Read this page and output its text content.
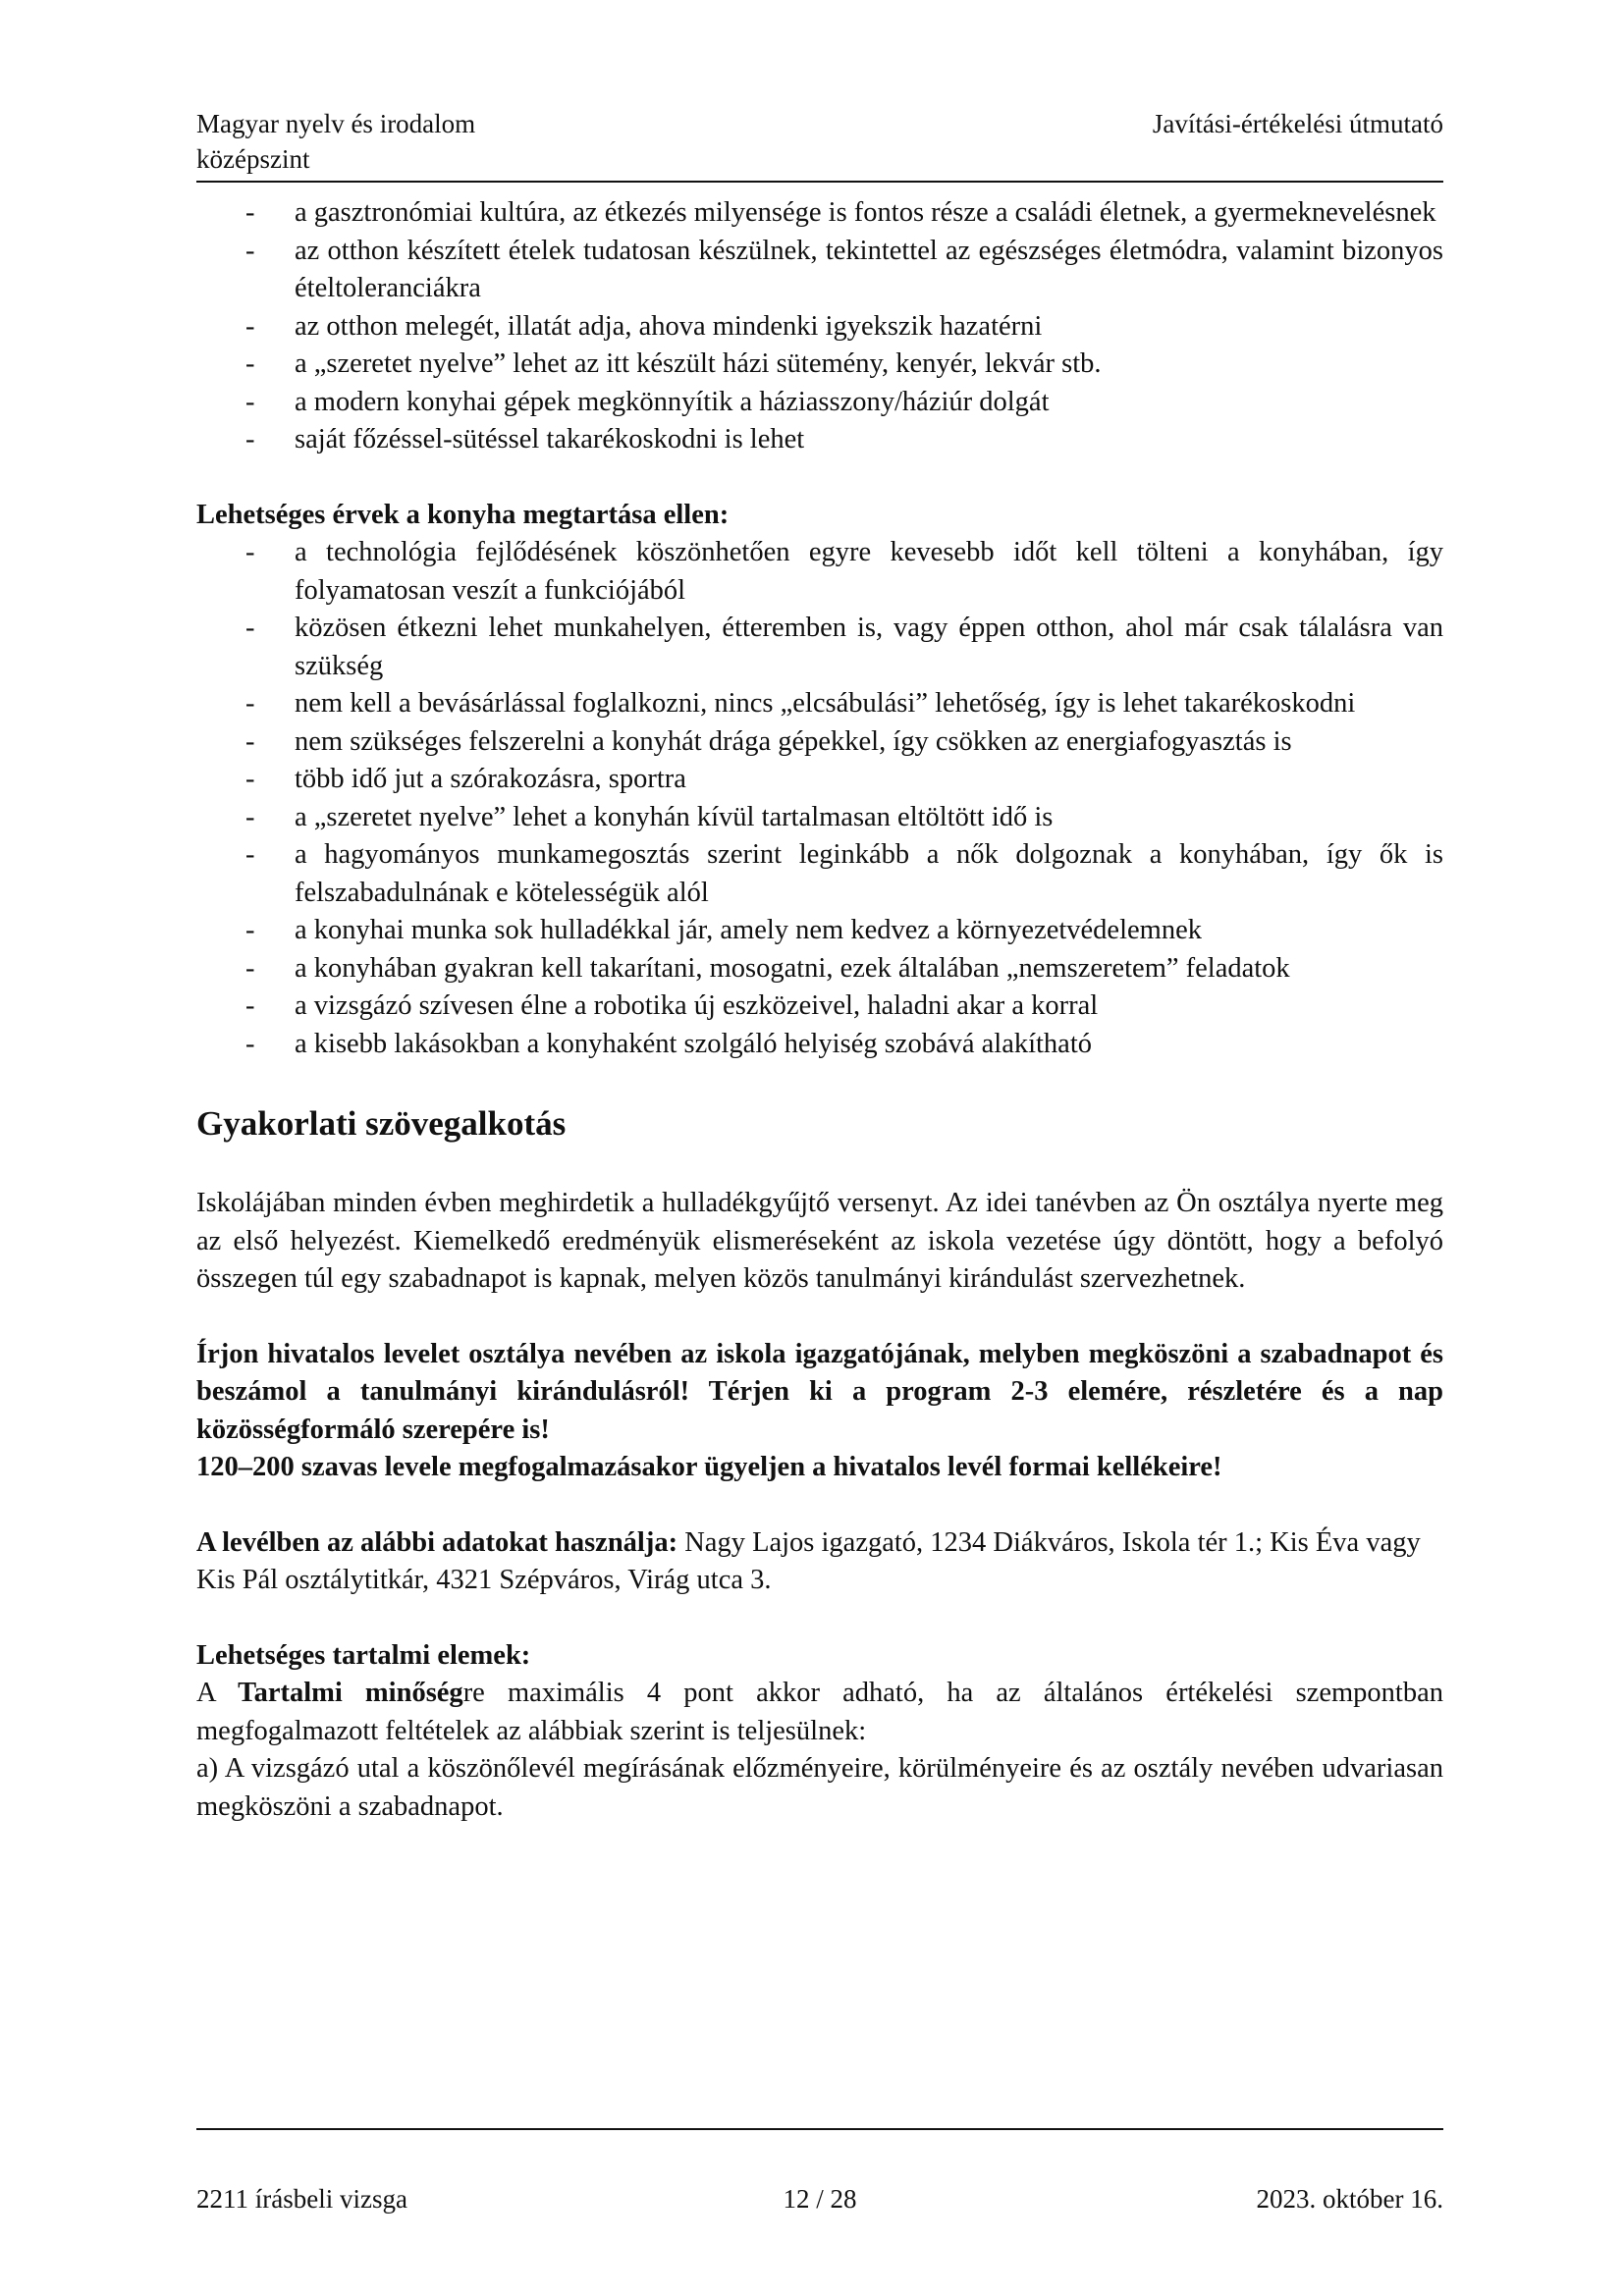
Magyar nyelv és irodalom
középszint
Javítási-értékelési útmutató
- a gasztronómiai kultúra, az étkezés milyensége is fontos része a családi életnek, a gyermeknevelésnek
- az otthon készített ételek tudatosan készülnek, tekintettel az egészséges életmódra, valamint bizonyos ételtoleranciákra
- az otthon melegét, illatát adja, ahova mindenki igyekszik hazatérni
- a „szeretet nyelve” lehet az itt készült házi sütemény, kenyér, lekvár stb.
- a modern konyhai gépek megkönnyítik a háziasszony/háziúr dolgát
- saját főzéssel-sütéssel takarékoskodni is lehet
Lehetséges érvek a konyha megtartása ellen:
- a technológia fejlődésének köszönhetően egyre kevesebb időt kell tölteni a konyhában, így folyamatosan veszít a funkciójából
- közösen étkezni lehet munkahelyen, étteremben is, vagy éppen otthon, ahol már csak tálalásra van szükség
- nem kell a bevásárlással foglalkozni, nincs „elcsábulási” lehetőség, így is lehet takarékoskodni
- nem szükséges felszerelni a konyhát drága gépekkel, így csökken az energiafogyasztás is
- több idő jut a szórakozásra, sportra
- a „szeretet nyelve” lehet a konyhán kívül tartalmasan eltöltött idő is
- a hagyományos munkamegosztás szerint leginkább a nők dolgoznak a konyhában, így ők is felszabadulnának e kötelességük alól
- a konyhai munka sok hulladékkal jár, amely nem kedvez a környezetvédelemnek
- a konyhában gyakran kell takarítani, mosogatni, ezek általában „nemszeretem” feladatok
- a vizsgázó szívesen élne a robotika új eszközeivel, haladni akar a korral
- a kisebb lakásokban a konyhaként szolgáló helyiség szobává alakítható
Gyakorlati szövegalkotás

Iskolájában minden évben meghirdetik a hulladékgyűjtő versenyt. Az idei tanévben az Ön osztálya nyerte meg az első helyezést. Kiemelkedő eredményük elismeréseként az iskola vezetése úgy döntött, hogy a befolyó összegen túl egy szabadnapot is kapnak, melyen közös tanulmányi kirándulást szervezhetnek.

Írjon hivatalos levelet osztálya nevében az iskola igazgatójának, melyben megköszöni a szabadnapot és beszámol a tanulmányi kirándulásról! Térjen ki a program 2-3 elemére, részletére és a nap közösségformáló szerepére is!

120–200 szavas levele megfogalmazásakor ügyeljen a hivatalos levél formai kellékeire!

A levélben az alábbi adatokat használja: Nagy Lajos igazgató, 1234 Diákváros, Iskola tér 1.; Kis Éva vagy Kis Pál osztálytitkár, 4321 Szépváros, Virág utca 3.

Lehetséges tartalmi elemek:

A Tartalmi minőségre maximális 4 pont akkor adható, ha az általános értékelési szempontban megfogalmazott feltételek az alábbiak szerint is teljesülnek:

a) A vizsgázó utal a köszönőlevél megírásának előzményeire, körülményeire és az osztály nevében udvariasan megköszöni a szabadnapot.

2211 írásbeli vizsga	12 / 28	2023. október 16.
